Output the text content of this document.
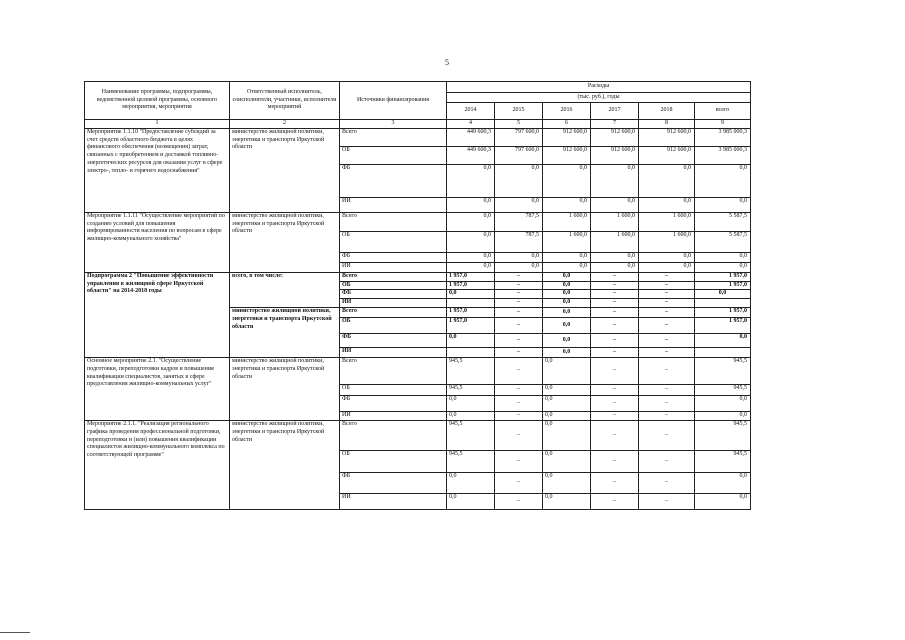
5
Наименование программы, подпрограммы, ведомственной целевой программы, основного мероприятия, мероприятия	Ответственный исполнитель, соисполнители, участники, исполнители мероприятий	Источники финансирования	Расходы					
			(тыс. руб.), годы					
			2014	2015	2016	2017	2018	всего
1	2	3	4	5	6	7	8	9
Мероприятие 1.1.10 "Предоставление субсидий за счет средств областного бюджета в целях финансового обеспечения (возмещения) затрат, связанных с приобретением и доставкой топливно-энергетических ресурсов для оказания услуг в сфере электро-, тепло- и горячего водоснабжения"	министерство жилищной политики, энергетики и транспорта Иркутской области	Всего	449 600,3	797 600,0	912 600,0	912 600,0	912 600,0	3 985 000,3
		ОБ	449 600,3	797 600,0	912 600,0	912 600,0	912 600,0	3 985 000,3
		ФБ	0,0	0,0	0,0	0,0	0,0	0,0
		ИИ	0,0	0,0	0,0	0,0	0,0	0,0
Мероприятие 1.1.11 "Осуществление мероприятий по созданию условий для повышения информированности населения по вопросам в сфере жилищно-коммунального хозяйства"	министерство жилищной политики, энергетики и транспорта Иркутской области	Всего	0,0	787,5	1 600,0	1 600,0	1 600,0	5 587,5
		ОБ	0,0	787,5	1 600,0	1 600,0	1 600,0	5 587,5
		ФБ	0,0	0,0	0,0	0,0	0,0	0,0
		ИИ	0,0	0,0	0,0	0,0	0,0	0,0
Подпрограмма 2 "Повышение эффективности управления в жилищной сфере Иркутской области" на 2014-2018 годы	всего, в том числе:	Всего	1 957,0	–	0,0	–	–	1 957,0
		ОБ	1 957,0	–	0,0	–	–	1 957,0
		ФБ	0,0	–	0,0	–	–	0,0
		ИИ		–	0,0	–	–	
	министерство жилищной политики, энергетики и транспорта Иркутской области	Всего	1 957,0	–	0,0	–	–	1 957,0
		ОБ	1 957,0	–	0,0	–	–	1 957,0
		ФБ	0,0	–	0,0	–	–	0,0
		ИИ		–	0,0	–	–	
Основное мероприятие 2.1. "Осуществление подготовки, переподготовки кадров и повышения квалификации специалистов, занятых в сфере предоставления жилищно-коммунальных услуг"	министерство жилищной политики, энергетики и транспорта Иркутской области	Всего	945,5	–	0,0	–	–	945,5
		ОБ	945,5	–	0,0	–	–	945,5
		ФБ	0,0	–	0,0	–	–	0,0
		ИИ	0,0	–	0,0	–	–	0,0
Мероприятие 2.1.1. "Реализация регионального графика проведения профессиональной подготовки, переподготовки и (или) повышения квалификации специалистов жилищно-коммунального комплекса по соответствующей программе"	министерство жилищной политики, энергетики и транспорта Иркутской области	Всего	945,5	–	0,0	–	–	945,5
		ОБ	945,5	–	0,0	–	–	945,5
		ФБ	0,0	–	0,0	–	–	0,0
		ИИ	0,0	–	0,0	–	–	0,0
